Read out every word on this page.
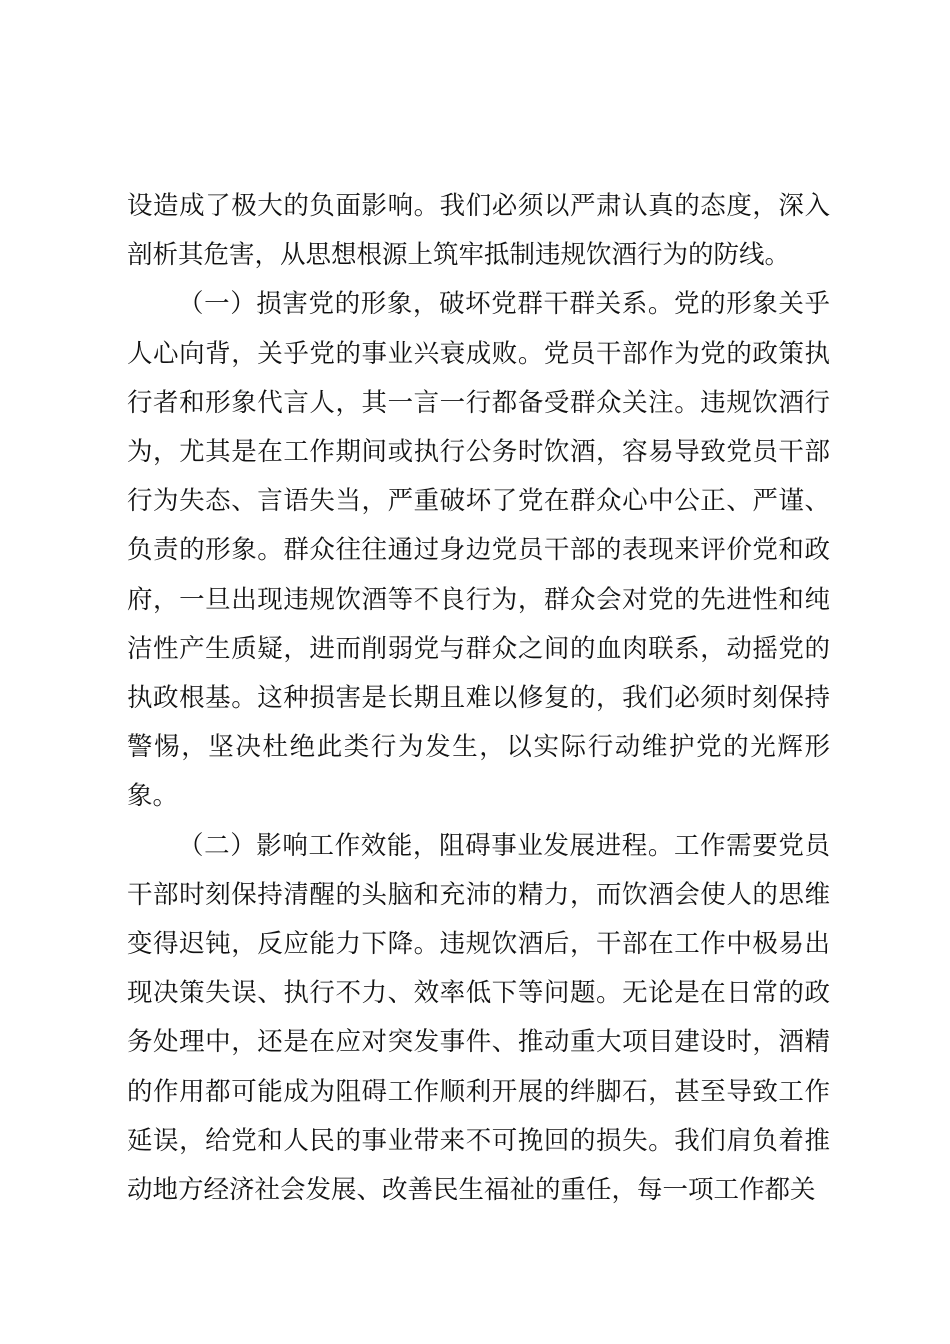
设造成了极大的负面影响。我们必须以严肃认真的态度，深入剖析其危害，从思想根源上筑牢抵制违规饮酒行为的防线。

（一）损害党的形象，破坏党群干群关系。党的形象关乎人心向背，关乎党的事业兴衰成败。党员干部作为党的政策执行者和形象代言人，其一言一行都备受群众关注。违规饮酒行为，尤其是在工作期间或执行公务时饮酒，容易导致党员干部行为失态、言语失当，严重破坏了党在群众心中公正、严谨、负责的形象。群众往往通过身边党员干部的表现来评价党和政府，一旦出现违规饮酒等不良行为，群众会对党的先进性和纯洁性产生质疑，进而削弱党与群众之间的血肉联系，动摇党的执政根基。这种损害是长期且难以修复的，我们必须时刻保持警惕，坚决杜绝此类行为发生，以实际行动维护党的光辉形象。

（二）影响工作效能，阻碍事业发展进程。工作需要党员干部时刻保持清醒的头脑和充沛的精力，而饮酒会使人的思维变得迟钝，反应能力下降。违规饮酒后，干部在工作中极易出现决策失误、执行不力、效率低下等问题。无论是在日常的政务处理中，还是在应对突发事件、推动重大项目建设时，酒精的作用都可能成为阻碍工作顺利开展的绊脚石，甚至导致工作延误，给党和人民的事业带来不可挽回的损失。我们肩负着推动地方经济社会发展、改善民生福祉的重任，每一项工作都关
